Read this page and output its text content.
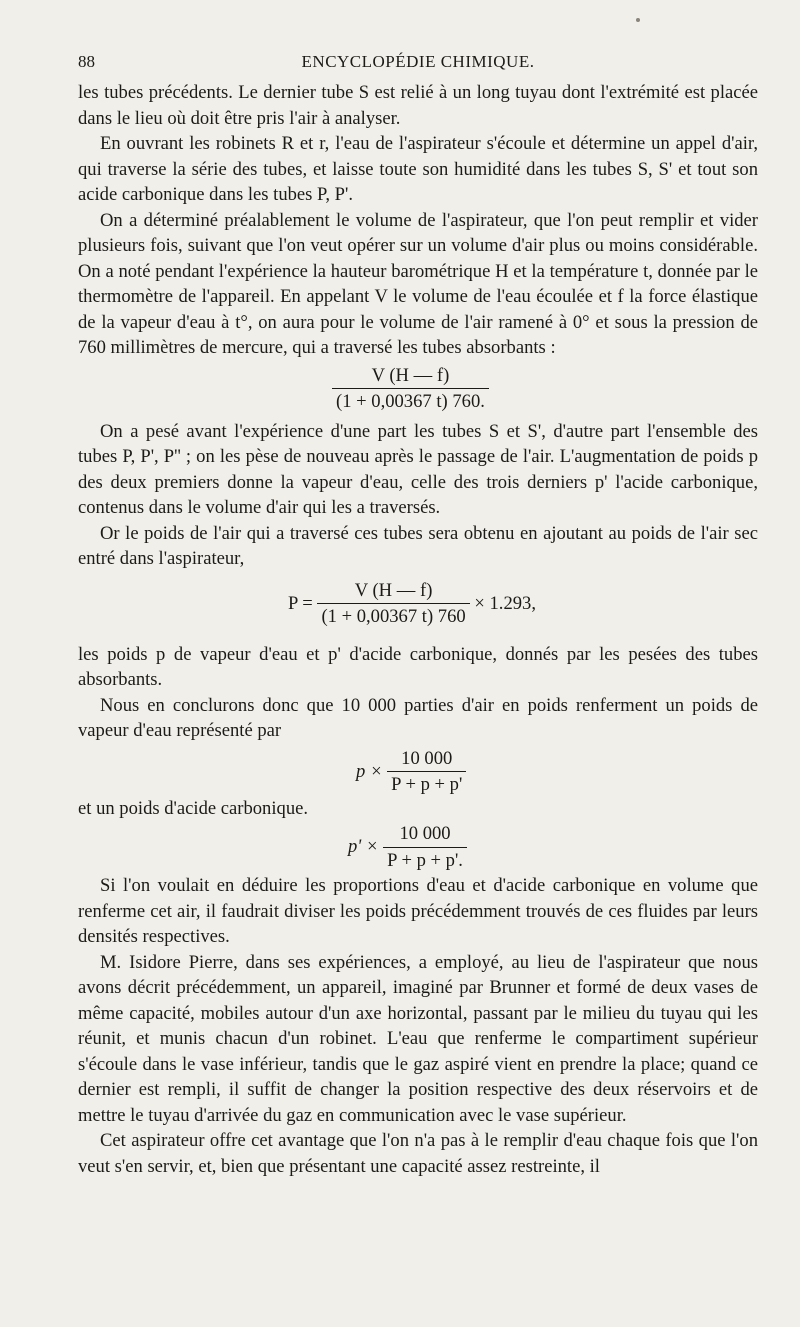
88	ENCYCLOPÉDIE CHIMIQUE.

les tubes précédents. Le dernier tube S est relié à un long tuyau dont l'extrémité est placée dans le lieu où doit être pris l'air à analyser.

En ouvrant les robinets R et r, l'eau de l'aspirateur s'écoule et détermine un appel d'air, qui traverse la série des tubes, et laisse toute son humidité dans les tubes S, S' et tout son acide carbonique dans les tubes P, P'.

On a déterminé préalablement le volume de l'aspirateur, que l'on peut remplir et vider plusieurs fois, suivant que l'on veut opérer sur un volume d'air plus ou moins considérable. On a noté pendant l'expérience la hauteur barométrique H et la température t, donnée par le thermomètre de l'appareil. En appelant V le volume de l'eau écoulée et f la force élastique de la vapeur d'eau à t°, on aura pour le volume de l'air ramené à 0° et sous la pression de 760 millimètres de mercure, qui a traversé les tubes absorbants :

$\frac{V (H — f)}{(1 + 0,00367 t) 760.}$

On a pesé avant l'expérience d'une part les tubes S et S', d'autre part l'ensemble des tubes P, P', P'' ; on les pèse de nouveau après le passage de l'air. L'augmentation de poids p des deux premiers donne la vapeur d'eau, celle des trois derniers p' l'acide carbonique, contenus dans le volume d'air qui les a traversés.

Or le poids de l'air qui a traversé ces tubes sera obtenu en ajoutant au poids de l'air sec entré dans l'aspirateur,

$P = \frac{V (H — f)}{(1 + 0,00367 t) 760} \times 1.293$,

les poids p de vapeur d'eau et p' d'acide carbonique, donnés par les pesées des tubes absorbants.

Nous en conclurons donc que 10 000 parties d'air en poids renferment un poids de vapeur d'eau représenté par

$p \times \frac{10 000}{P + p + p'}$

et un poids d'acide carbonique.

$p' \times \frac{10 000}{P + p + p'.}$

Si l'on voulait en déduire les proportions d'eau et d'acide carbonique en volume que renferme cet air, il faudrait diviser les poids précédemment trouvés de ces fluides par leurs densités respectives.

M. Isidore Pierre, dans ses expériences, a employé, au lieu de l'aspirateur que nous avons décrit précédemment, un appareil, imaginé par Brunner et formé de deux vases de même capacité, mobiles autour d'un axe horizontal, passant par le milieu du tuyau qui les réunit, et munis chacun d'un robinet. L'eau que renferme le compartiment supérieur s'écoule dans le vase inférieur, tandis que le gaz aspiré vient en prendre la place; quand ce dernier est rempli, il suffit de changer la position respective des deux réservoirs et de mettre le tuyau d'arrivée du gaz en communication avec le vase supérieur.

Cet aspirateur offre cet avantage que l'on n'a pas à le remplir d'eau chaque fois que l'on veut s'en servir, et, bien que présentant une capacité assez restreinte, il
